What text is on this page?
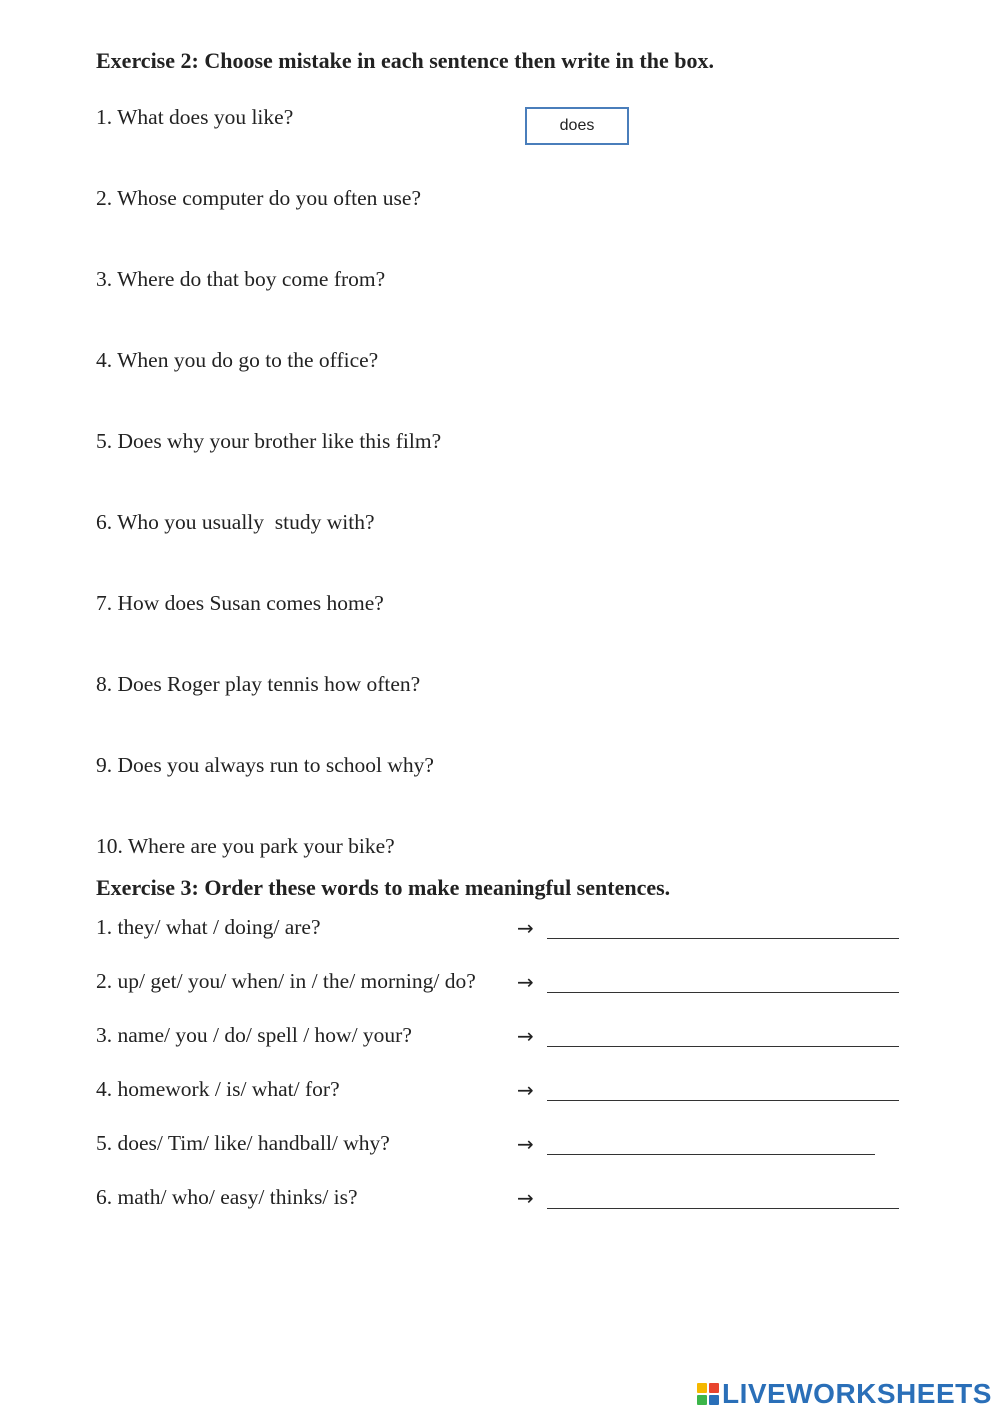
Exercise 2: Choose mistake in each sentence then write in the box.
1. What does you like?	does
2. Whose computer do you often use?
3. Where do that boy come from?
4. When you do go to the office?
5. Does why your brother like this film?
6. Who you usually  study with?
7. How does Susan comes home?
8. Does Roger play tennis how often?
9. Does you always run to school why?
10. Where are you park your bike?
Exercise 3: Order these words to make meaningful sentences.
1. they/ what / doing/ are?	→
2. up/ get/ you/ when/ in / the/ morning/ do? →
3. name/ you / do/ spell / how/ your?	→
4. homework / is/ what/ for?	→
5. does/ Tim/ like/ handball/ why?	→
6. math/ who/ easy/ thinks/ is?	→
LIVEWORKSHEETS
